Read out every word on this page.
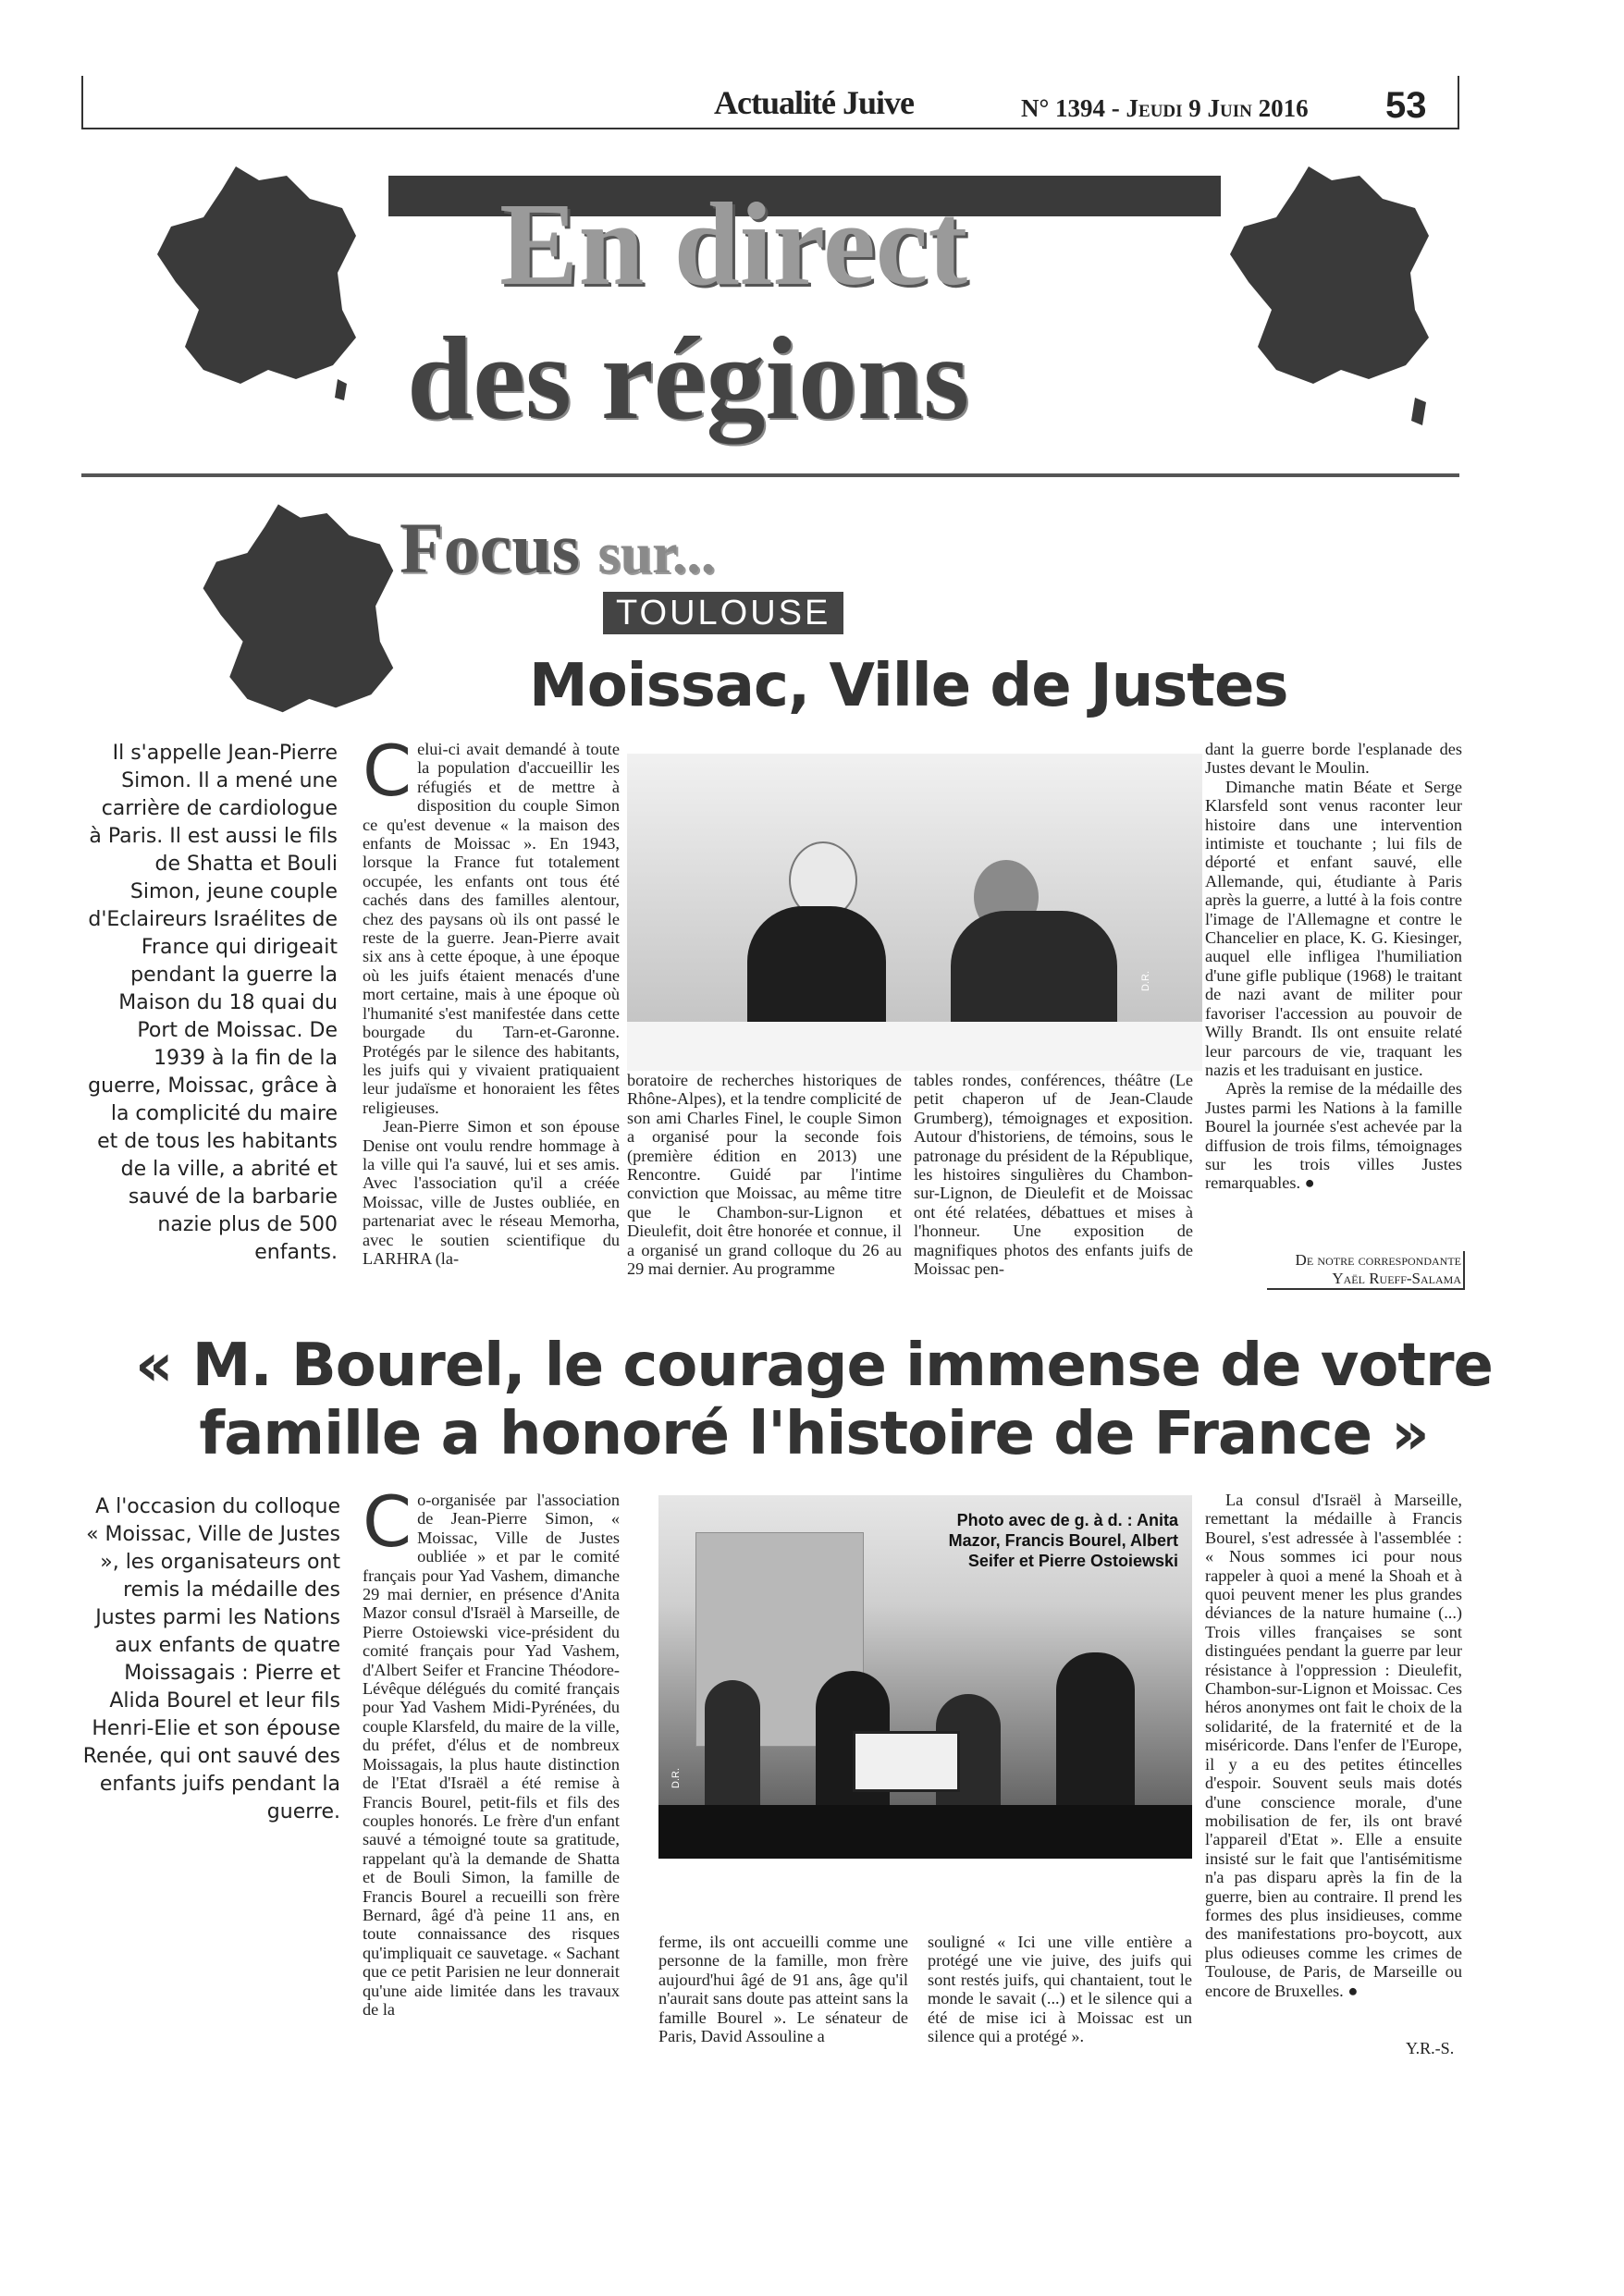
Actualité Juive	N° 1394 - Jeudi 9 Juin 2016 53
En direct
des régions
Focus sur...
TOULOUSE
Moissac, Ville de Justes
Il s'appelle Jean-Pierre Simon. Il a mené une carrière de cardiologue à Paris. Il est aussi le fils de Shatta et Bouli Simon, jeune couple d'Eclaireurs Israélites de France qui dirigeait pendant la guerre la Maison du 18 quai du Port de Moissac. De 1939 à la fin de la guerre, Moissac, grâce à la complicité du maire et de tous les habitants de la ville, a abrité et sauvé de la barbarie nazie plus de 500 enfants.
Celui-ci avait demandé à toute la population d'accueillir les réfugiés et de mettre à disposition du couple Simon ce qu'est devenue « la maison des enfants de Moissac ». En 1943, lorsque la France fut totalement occupée, les enfants ont tous été cachés dans des familles alentour, chez des paysans où ils ont passé le reste de la guerre. Jean-Pierre avait six ans à cette époque, à une époque où les juifs étaient menacés d'une mort certaine, mais à une époque où l'humanité s'est manifestée dans cette bourgade du Tarn-et-Garonne. Protégés par le silence des habitants, les juifs qui y vivaient pratiquaient leur judaïsme et honoraient les fêtes religieuses.
Jean-Pierre Simon et son épouse Denise ont voulu rendre hommage à la ville qui l'a sauvé, lui et ses amis. Avec l'association qu'il a créée Moissac, ville de Justes oubliée, en partenariat avec le réseau Memorha, avec le soutien scientifique du LARHRA (la-
D.R.
boratoire de recherches historiques de Rhône-Alpes), et la tendre complicité de son ami Charles Finel, le couple Simon a organisé pour la seconde fois (première édition en 2013) une Rencontre. Guidé par l'intime conviction que Moissac, au même titre que le Chambon-sur-Lignon et Dieulefit, doit être honorée et connue, il a organisé un grand colloque du 26 au 29 mai dernier. Au programme
tables rondes, conférences, théâtre (Le petit chaperon uf de Jean-Claude Grumberg), témoignages et exposition. Autour d'historiens, de témoins, sous le patronage du président de la République, les histoires singulières du Chambon-sur-Lignon, de Dieulefit et de Moissac ont été relatées, débattues et mises à l'honneur. Une exposition de magnifiques photos des enfants juifs de Moissac pen-
dant la guerre borde l'esplanade des Justes devant le Moulin.
Dimanche matin Béate et Serge Klarsfeld sont venus raconter leur histoire dans une intervention intimiste et touchante ; lui fils de déporté et enfant sauvé, elle Allemande, qui, étudiante à Paris après la guerre, a lutté à la fois contre l'image de l'Allemagne et contre le Chancelier en place, K. G. Kiesinger, auquel elle infligea l'humiliation d'une gifle publique (1968) le traitant de nazi avant de militer pour favoriser l'accession au pouvoir de Willy Brandt. Ils ont ensuite relaté leur parcours de vie, traquant les nazis et les traduisant en justice.
Après la remise de la médaille des Justes parmi les Nations à la famille Bourel la journée s'est achevée par la diffusion de trois films, témoignages sur les trois villes Justes remarquables. ●
De notre correspondante
Yaël Rueff-Salama
« M. Bourel, le courage immense de votre famille a honoré l'histoire de France »
A l'occasion du colloque « Moissac, Ville de Justes », les organisateurs ont remis la médaille des Justes parmi les Nations aux enfants de quatre Moissagais : Pierre et Alida Bourel et leur fils Henri-Elie et son épouse Renée, qui ont sauvé des enfants juifs pendant la guerre.
Co-organisée par l'association de Jean-Pierre Simon, « Moissac, Ville de Justes oubliée » et par le comité français pour Yad Vashem, dimanche 29 mai dernier, en présence d'Anita Mazor consul d'Israël à Marseille, de Pierre Ostoiewski vice-président du comité français pour Yad Vashem, d'Albert Seifer et Francine Théodore-Lévêque délégués du comité français pour Yad Vashem Midi-Pyrénées, du couple Klarsfeld, du maire de la ville, du préfet, d'élus et de nombreux Moissagais, la plus haute distinction de l'Etat d'Israël a été remise à Francis Bourel, petit-fils et fils des couples honorés. Le frère d'un enfant sauvé a témoigné toute sa gratitude, rappelant qu'à la demande de Shatta et de Bouli Simon, la famille de Francis Bourel a recueilli son frère Bernard, âgé d'à peine 11 ans, en toute connaissance des risques qu'impliquait ce sauvetage. « Sachant que ce petit Parisien ne leur donnerait qu'une aide limitée dans les travaux de la
D.R.
Photo avec de g. à d. : Anita Mazor, Francis Bourel, Albert Seifer et Pierre Ostoiewski
ferme, ils ont accueilli comme une personne de la famille, mon frère aujourd'hui âgé de 91 ans, âge qu'il n'aurait sans doute pas atteint sans la famille Bourel ». Le sénateur de Paris, David Assouline a
souligné « Ici une ville entière a protégé une vie juive, des juifs qui sont restés juifs, qui chantaient, tout le monde le savait (...) et le silence qui a été de mise ici à Moissac est un silence qui a protégé ».
La consul d'Israël à Marseille, remettant la médaille à Francis Bourel, s'est adressée à l'assemblée : « Nous sommes ici pour nous rappeler à quoi a mené la Shoah et à quoi peuvent mener les plus grandes déviances de la nature humaine (...) Trois villes françaises se sont distinguées pendant la guerre par leur résistance à l'oppression : Dieulefit, Chambon-sur-Lignon et Moissac. Ces héros anonymes ont fait le choix de la solidarité, de la fraternité et de la miséricorde. Dans l'enfer de l'Europe, il y a eu des petites étincelles d'espoir. Souvent seuls mais dotés d'une conscience morale, d'une mobilisation de fer, ils ont bravé l'appareil d'Etat ». Elle a ensuite insisté sur le fait que l'antisémitisme n'a pas disparu après la fin de la guerre, bien au contraire. Il prend les formes des plus insidieuses, comme des manifestations pro-boycott, aux plus odieuses comme les crimes de Toulouse, de Paris, de Marseille ou encore de Bruxelles. ●
Y.R.-S.
